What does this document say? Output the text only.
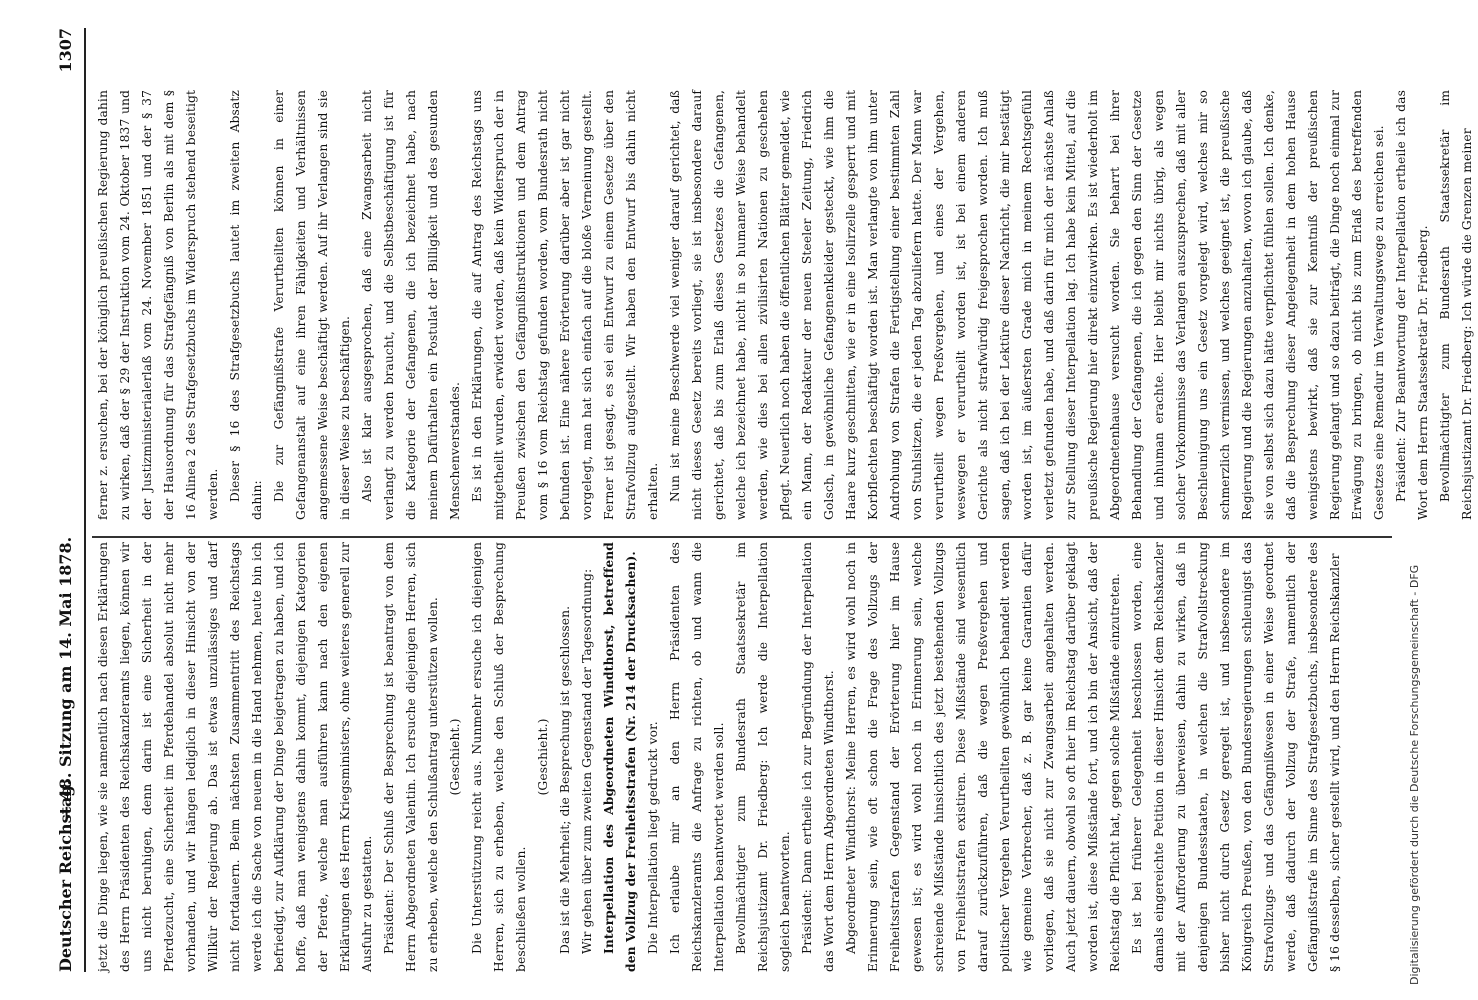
Deutscher Reichstag.
— 48. Sitzung am 14. Mai 1878.
1307

jetzt die Dinge liegen, wie sie namentlich nach diesen Erklärungen des Herrn Präsidenten des Reichskanzleramts liegen, können wir uns nicht beruhigen, denn darin ist eine Sicherheit in der Pferdezucht, eine Sicherheit im Pferdehandel absolut nicht mehr vorhanden, und wir hängen lediglich in dieser Hinsicht von der Willkür der Regierung ab. Das ist etwas unzulässiges und darf nicht fortdauern. Beim nächsten Zusammentritt des Reichstags werde ich die Sache von neuem in die Hand nehmen, heute bin ich befriedigt, zur Aufklärung der Dinge beigetragen zu haben, und ich hoffe, daß man wenigstens dahin kommt, diejenigen Kategorien der Pferde, welche man ausführen kann nach den eigenen Erklärungen des Herrn Kriegsministers, ohne weiteres generell zur Ausfuhr zu gestatten. Präsident: Der Schluß der Besprechung ist beantragt von dem Herrn Abgeordneten Valentin. Ich ersuche diejenigen Herren, sich zu erheben, welche den Schlußantrag unterstützen wollen. (Geschieht.) Die Unterstützung reicht aus. Nunmehr ersuche ich diejenigen Herren, sich zu erheben, welche den Schluß der Besprechung beschließen wollen.

(Geschieht.) Das ist die Mehrheit; die Besprechung ist geschlossen. Wir gehen über zum zweiten Gegenstand der Tagesordnung: Interpellation des Abgeordneten Windthorst, betreffend den Vollzug der Freiheitsstrafen (Nr. 214 der Drucksachen). Die Interpellation liegt gedruckt vor. Ich erlaube mir an den Herrn Präsidenten des Reichskanzleramts die Anfrage zu richten, ob und wann die Interpellation beantwortet werden soll. Bevollmächtigter zum Bundesrath Staatssekretär im Reichsjustizamt Dr. Friedberg: Ich werde die Interpellation sogleich beantworten. Präsident: Dann ertheile ich zur Begründung der Interpellation das Wort dem Herrn Abgeordneten Windthorst. Abgeordneter Windthorst: Meine Herren, es wird wohl noch in Erinnerung sein, wie oft schon die Frage des Vollzugs der Freiheitsstrafen Gegenstand der Erörterung hier im Hause gewesen ist; es wird wohl noch in Erinnerung sein, welche schreiende Mißstände hinsichtlich des jetzt bestehenden Vollzugs von Freiheitsstrafen existiren. Diese Mißstände sind wesentlich darauf zurückzuführen, daß die wegen Preßvergehen und politischer Vergehen Verurtheilten gewöhnlich behandelt werden wie gemeine Verbrecher, daß z. B. gar keine Garantien dafür vorliegen, daß sie nicht zur Zwangsarbeit angehalten werden. Auch jetzt dauern, obwohl so oft hier im Reichstag darüber geklagt worden ist, diese Mißstände fort, und ich bin der Ansicht, daß der Reichstag die Pflicht hat, gegen solche Mißstände einzutreten. Es ist bei früherer Gelegenheit beschlossen worden, eine damals eingereichte Petition in dieser Hinsicht dem Reichskanzler mit der Aufforderung zu überweisen, dahin zu wirken, daß in denjenigen Bundesstaaten, in welchen die Strafvollstreckung bisher nicht durch Gesetz geregelt ist, und insbesondere im Königreich Preußen, von den Bundesregierungen schleunigst das Strafvollzugs- und das Gefängnißwesen in einer Weise geordnet werde, daß dadurch der Vollzug der Strafe, namentlich der Gefängnißstrafe im Sinne des Strafgesetzbuchs, insbesondere des § 16 desselben, sicher gestellt wird, und den Herrn Reichskanzler

ferner z. ersuchen, bei der königlich preußischen Regierung dahin zu wirken, daß der § 29 der Instruktion vom 24. Oktober 1837 und der Justizministerialerlaß vom 24. November 1851 und der § 37 der Hausordnung für das Strafgefängniß von Berlin als mit dem § 16 Alinea 2 des Strafgesetzbuchs im Widerspruch stehend beseitigt werden. Dieser § 16 des Strafgesetzbuchs lautet im zweiten Absatz dahin: Die zur Gefängnißstrafe Verurtheilten können in einer Gefangenanstalt auf eine ihren Fähigkeiten und Verhältnissen angemessene Weise beschäftigt werden. Auf ihr Verlangen sind sie in dieser Weise zu beschäftigen. Also ist klar ausgesprochen, daß eine Zwangsarbeit nicht verlangt zu werden braucht, und die Selbstbeschäftigung ist für die Kategorie der Gefangenen, die ich bezeichnet habe, nach meinem Dafürhalten ein Postulat der Billigkeit und des gesunden Menschenverstandes. Es ist in den Erklärungen, die auf Antrag des Reichstags uns mitgetheilt wurden, erwidert worden, daß kein Widerspruch der in Preußen zwischen den Gefängnißinstruktionen und dem Antrag vom § 16 vom Reichstag gefunden worden, vom Bundesrath nicht befunden ist. Eine nähere Erörterung darüber aber ist gar nicht vorgelegt, man hat sich einfach auf die bloße Verneinung gestellt. Ferner ist gesagt, es sei ein Entwurf zu einem Gesetze über den Strafvollzug aufgestellt. Wir haben den Entwurf bis dahin nicht erhalten. Nun ist meine Beschwerde viel weniger darauf gerichtet, daß nicht dieses Gesetz bereits vorliegt, sie ist insbesondere darauf gerichtet, daß bis zum Erlaß dieses Gesetzes die Gefangenen, welche ich bezeichnet habe, nicht in so humaner Weise behandelt werden, wie dies bei allen zivilisirten Nationen zu geschehen pflegt. Neuerlich noch haben die öffentlichen Blätter gemeldet, wie ein Mann, der Redakteur der neuen Steeler Zeitung, Friedrich Golsch, in gewöhnliche Gefangenenkleider gesteckt, wie ihm die Haare kurz geschnitten, wie er in eine Isolirzelle gesperrt und mit Korbflechten beschäftigt worden ist. Man verlangte von ihm unter Androhung von Strafen die Fertigstellung einer bestimmten Zahl von Stuhlsitzen, die er jeden Tag abzuliefern hatte. Der Mann war verurtheilt wegen Preßvergehen, und eines der Vergehen, weswegen er verurtheilt worden ist, ist bei einem anderen Gerichte als nicht strafwürdig freigesprochen worden. Ich muß sagen, daß ich bei der Lektüre dieser Nachricht, die mir bestätigt worden ist, im äußersten Grade mich in meinem Rechtsgefühl verletzt gefunden habe, und daß darin für mich der nächste Anlaß zur Stellung dieser Interpellation lag. Ich habe kein Mittel, auf die preußische Regierung hier direkt einzuwirken. Es ist wiederholt im Abgeordnetenhause versucht worden. Sie beharrt bei ihrer Behandlung der Gefangenen, die ich gegen den Sinn der Gesetze und inhuman erachte. Hier bleibt mir nichts übrig, als wegen solcher Vorkommnisse das Verlangen auszusprechen, daß mit aller Beschleunigung uns ein Gesetz vorgelegt wird, welches mir so schmerzlich vermissen, und welches geeignet ist, die preußische Regierung und die Regierungen anzuhalten, wovon ich glaube, daß sie von selbst sich dazu hätte verpflichtet fühlen sollen. Ich denke, daß die Besprechung dieser Angelegenheit in dem hohen Hause wenigstens bewirkt, daß sie zur Kenntniß der preußischen Regierung gelangt und so dazu beiträgt, die Dinge noch einmal zur Erwägung zu bringen, ob nicht bis zum Erlaß des betreffenden Gesetzes eine Remedur im Verwaltungswege zu erreichen sei. Präsident: Zur Beantwortung der Interpellation ertheile ich das Wort dem Herrn Staatssekretär Dr. Friedberg. Bevollmächtigter zum Bundesrath Staatssekretär im Reichsjustizamt Dr. Friedberg: Ich würde die Grenzen meiner

Digitalisierung gefördert durch die Deutsche Forschungsgemeinschaft - DFG
